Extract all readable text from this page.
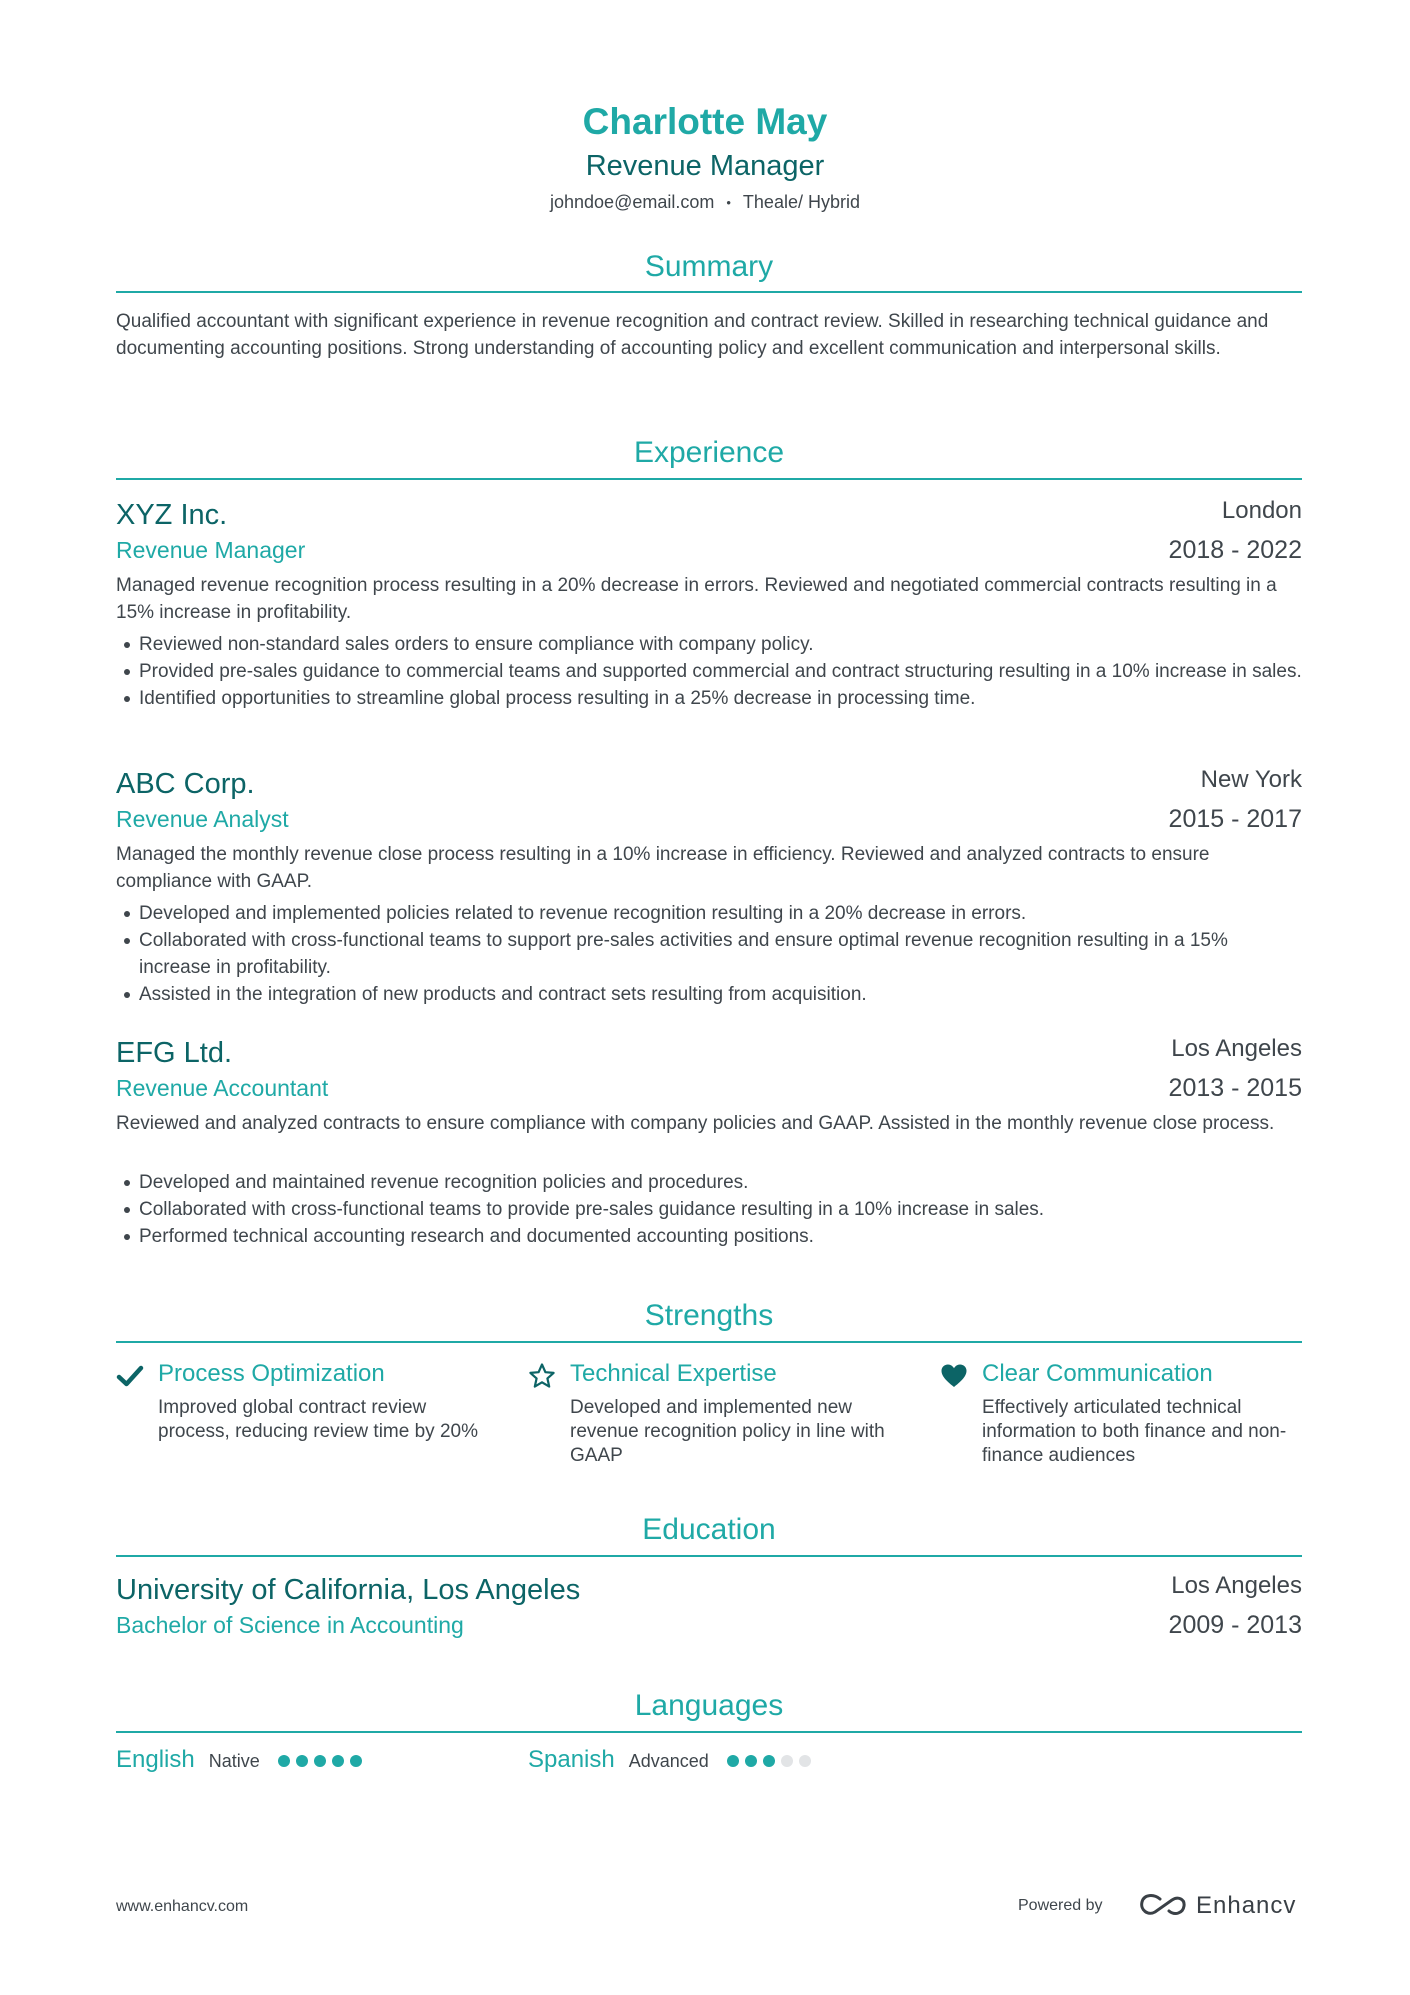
Charlotte May
Revenue Manager
johndoe@email.com • Theale/ Hybrid
Summary
Qualified accountant with significant experience in revenue recognition and contract review. Skilled in researching technical guidance and documenting accounting positions. Strong understanding of accounting policy and excellent communication and interpersonal skills.
Experience
XYZ Inc.	London
Revenue Manager	2018 - 2022
Managed revenue recognition process resulting in a 20% decrease in errors. Reviewed and negotiated commercial contracts resulting in a 15% increase in profitability.
Reviewed non-standard sales orders to ensure compliance with company policy.
Provided pre-sales guidance to commercial teams and supported commercial and contract structuring resulting in a 10% increase in sales.
Identified opportunities to streamline global process resulting in a 25% decrease in processing time.
ABC Corp.	New York
Revenue Analyst	2015 - 2017
Managed the monthly revenue close process resulting in a 10% increase in efficiency. Reviewed and analyzed contracts to ensure compliance with GAAP.
Developed and implemented policies related to revenue recognition resulting in a 20% decrease in errors.
Collaborated with cross-functional teams to support pre-sales activities and ensure optimal revenue recognition resulting in a 15% increase in profitability.
Assisted in the integration of new products and contract sets resulting from acquisition.
EFG Ltd.	Los Angeles
Revenue Accountant	2013 - 2015
Reviewed and analyzed contracts to ensure compliance with company policies and GAAP. Assisted in the monthly revenue close process.
Developed and maintained revenue recognition policies and procedures.
Collaborated with cross-functional teams to provide pre-sales guidance resulting in a 10% increase in sales.
Performed technical accounting research and documented accounting positions.
Strengths
Process Optimization
Improved global contract review process, reducing review time by 20%
Technical Expertise
Developed and implemented new revenue recognition policy in line with GAAP
Clear Communication
Effectively articulated technical information to both finance and non-finance audiences
Education
University of California, Los Angeles	Los Angeles
Bachelor of Science in Accounting	2009 - 2013
Languages
English Native	Spanish Advanced
www.enhancv.com	Powered by	Enhancv
